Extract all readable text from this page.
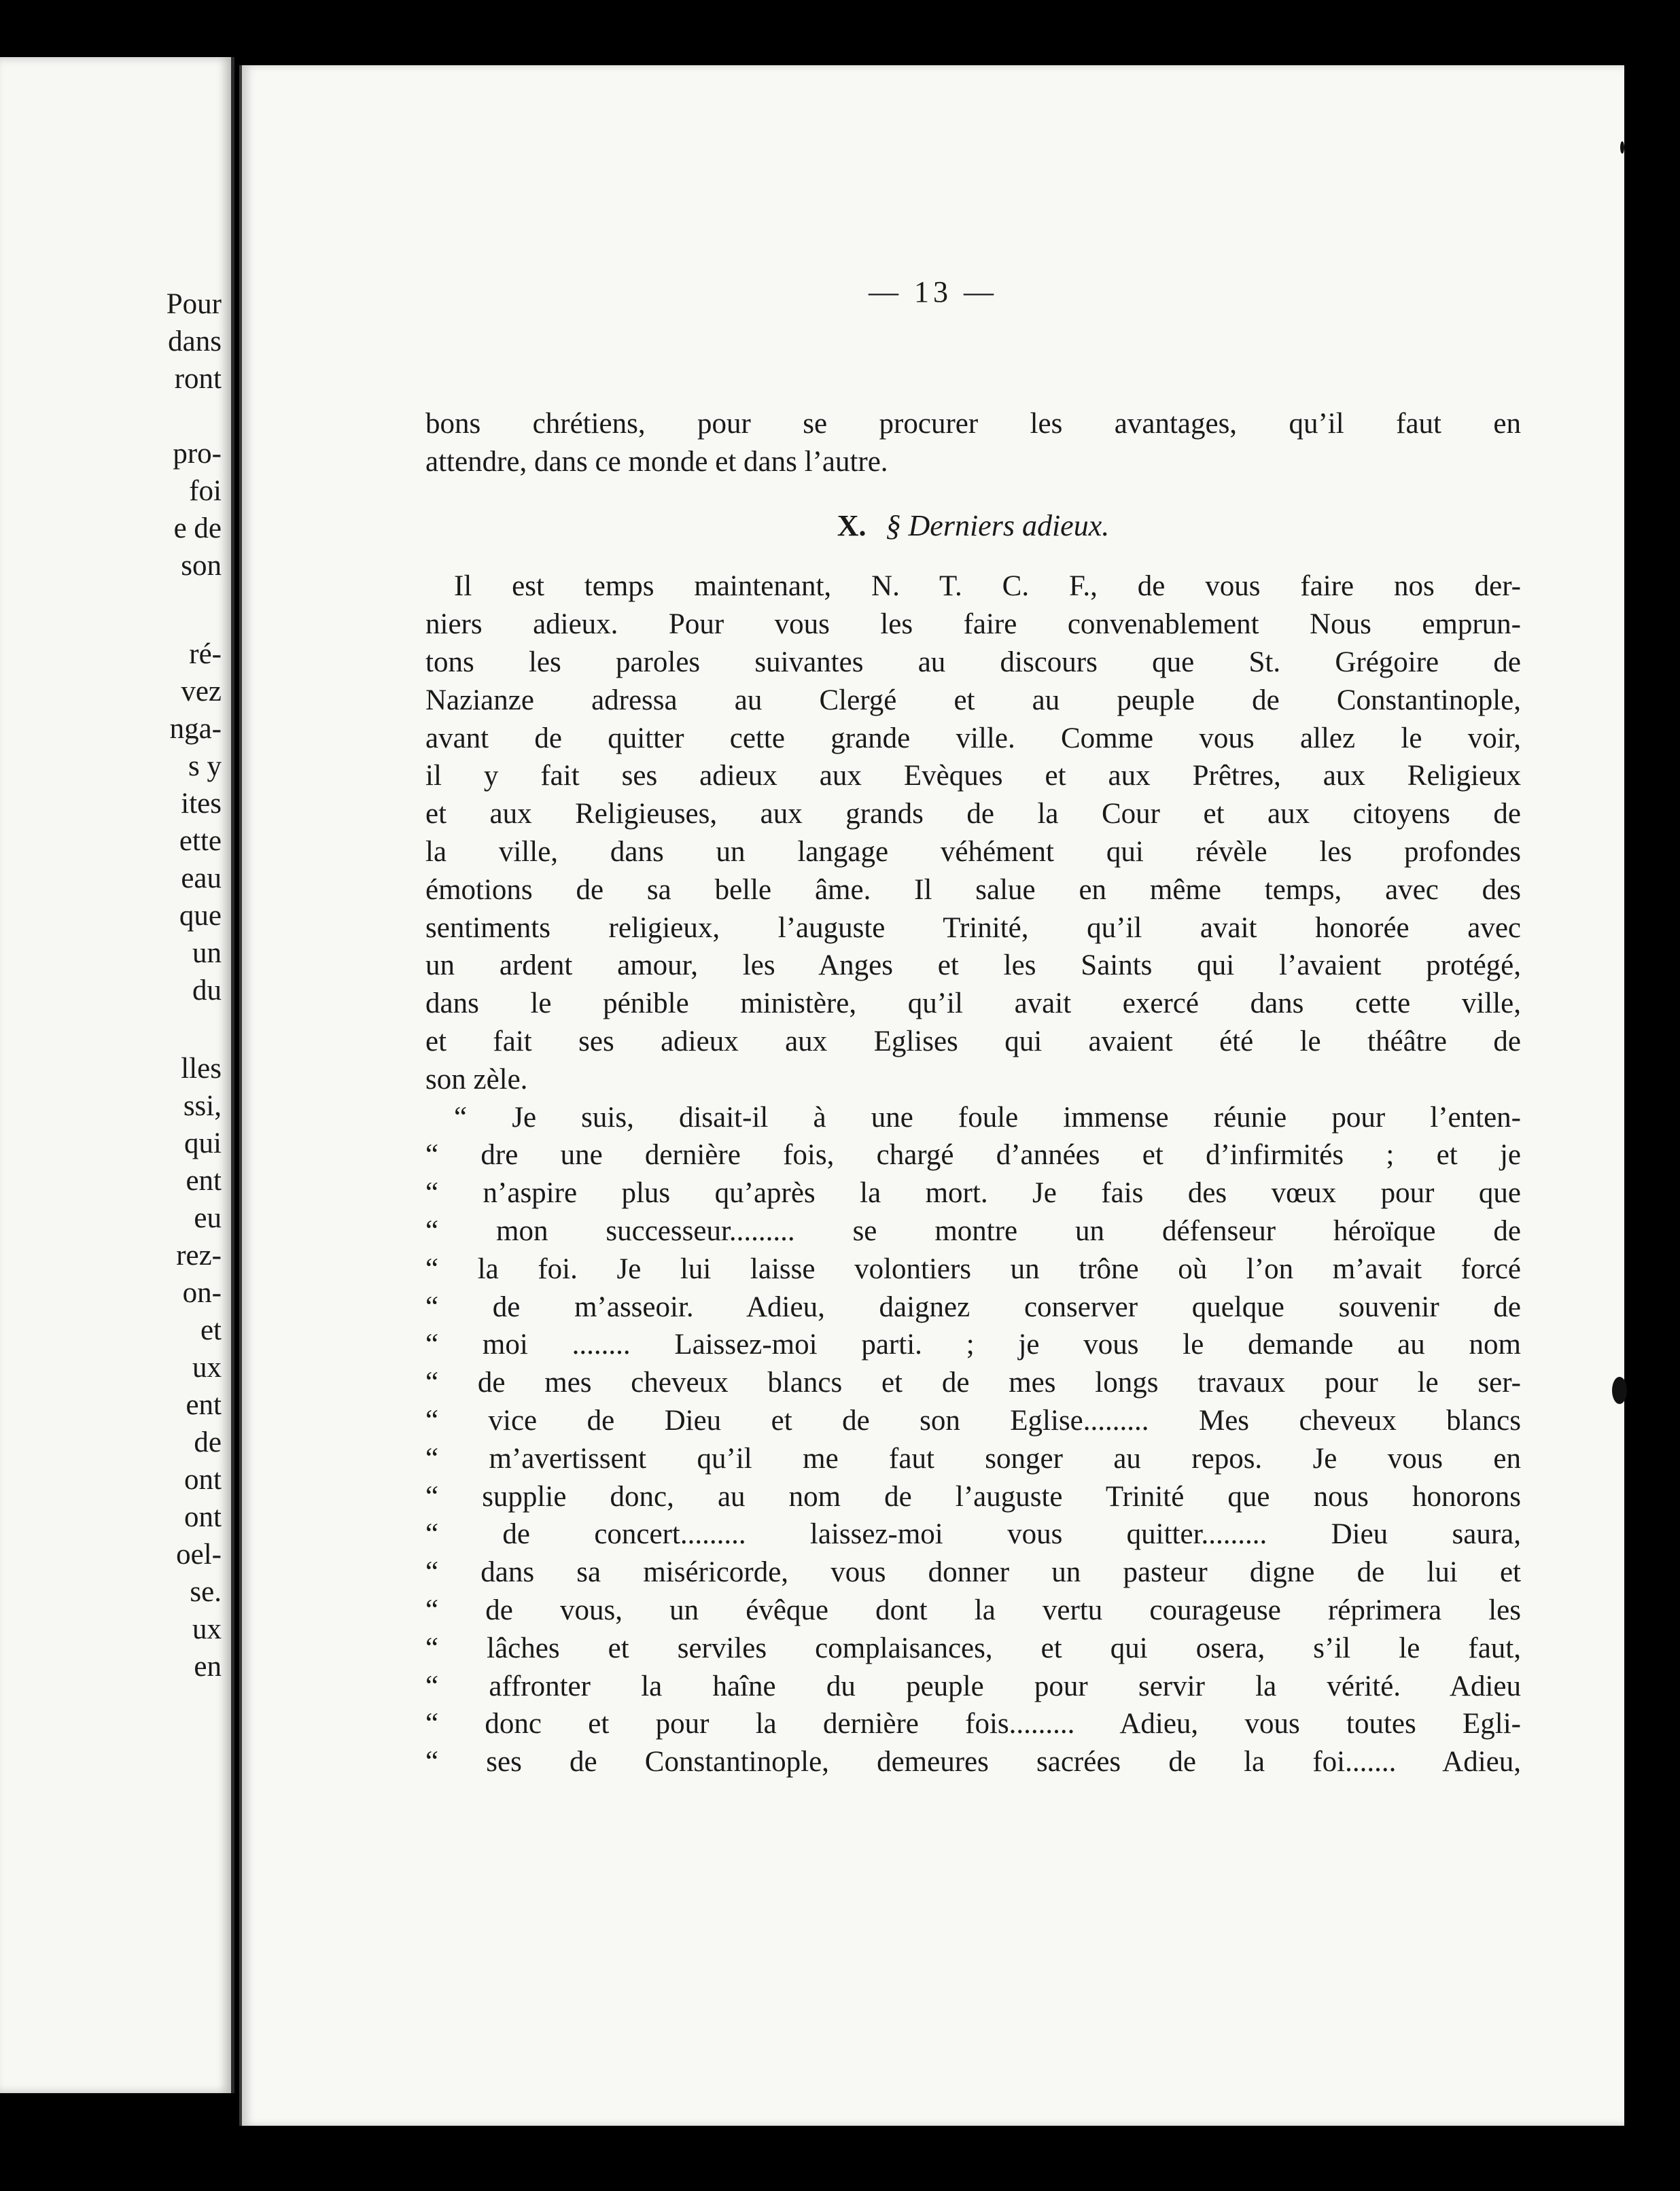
Pour
dans
ront
pro-
foi
e de
son
ré-
vez
nga-
s y
ites
ette
eau
que
un
du
lles
ssi,
qui
ent
eu
rez-
on-
et
ux
ent
de
ont
ont
oel-
se.
ux
en
— 13 —
bons chrétiens, pour se procurer les avantages, qu’il faut en
attendre, dans ce monde et dans l’autre.
X. § Derniers adieux.
Il est temps maintenant, N. T. C. F., de vous faire nos der-
niers adieux. Pour vous les faire convenablement Nous emprun-
tons les paroles suivantes au discours que St. Grégoire de
Nazianze adressa au Clergé et au peuple de Constantinople,
avant de quitter cette grande ville. Comme vous allez le voir,
il y fait ses adieux aux Evèques et aux Prêtres, aux Religieux
et aux Religieuses, aux grands de la Cour et aux citoyens de
la ville, dans un langage véhément qui révèle les profondes
émotions de sa belle âme. Il salue en même temps, avec des
sentiments religieux, l’auguste Trinité, qu’il avait honorée avec
un ardent amour, les Anges et les Saints qui l’avaient protégé,
dans le pénible ministère, qu’il avait exercé dans cette ville,
et fait ses adieux aux Eglises qui avaient été le théâtre de
son zèle.
“ Je suis, disait-il à une foule immense réunie pour l’enten-
“ dre une dernière fois, chargé d’années et d’infirmités ; et je
“ n’aspire plus qu’après la mort. Je fais des vœux pour que
“ mon successeur......... se montre un défenseur héroïque de
“ la foi. Je lui laisse volontiers un trône où l’on m’avait forcé
“ de m’asseoir. Adieu, daignez conserver quelque souvenir de
“ moi ........ Laissez-moi parti. ; je vous le demande au nom
“ de mes cheveux blancs et de mes longs travaux pour le ser-
“ vice de Dieu et de son Eglise......... Mes cheveux blancs
“ m’avertissent qu’il me faut songer au repos. Je vous en
“ supplie donc, au nom de l’auguste Trinité que nous honorons
“ de concert......... laissez-moi vous quitter......... Dieu saura,
“ dans sa miséricorde, vous donner un pasteur digne de lui et
“ de vous, un évêque dont la vertu courageuse réprimera les
“ lâches et serviles complaisances, et qui osera, s’il le faut,
“ affronter la haîne du peuple pour servir la vérité. Adieu
“ donc et pour la dernière fois......... Adieu, vous toutes Egli-
“ ses de Constantinople, demeures sacrées de la foi....... Adieu,
